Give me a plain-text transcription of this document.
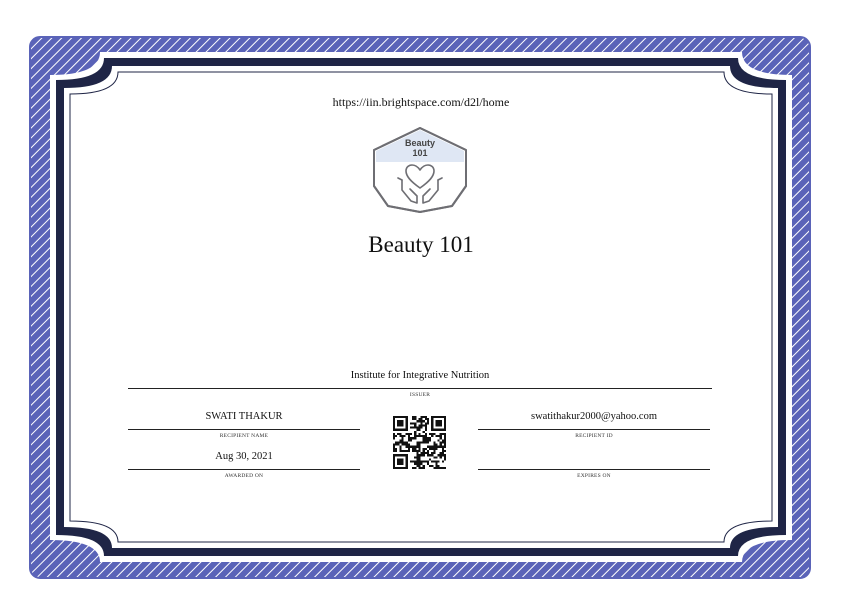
Beauty
101
https://iin.brightspace.com/d2l/home
Beauty 101
Institute for Integrative Nutrition
ISSUER
SWATI THAKUR
RECIPIENT NAME
Aug 30, 2021
AWARDED ON
swatithakur2000@yahoo.com
RECIPIENT ID
EXPIRES ON
